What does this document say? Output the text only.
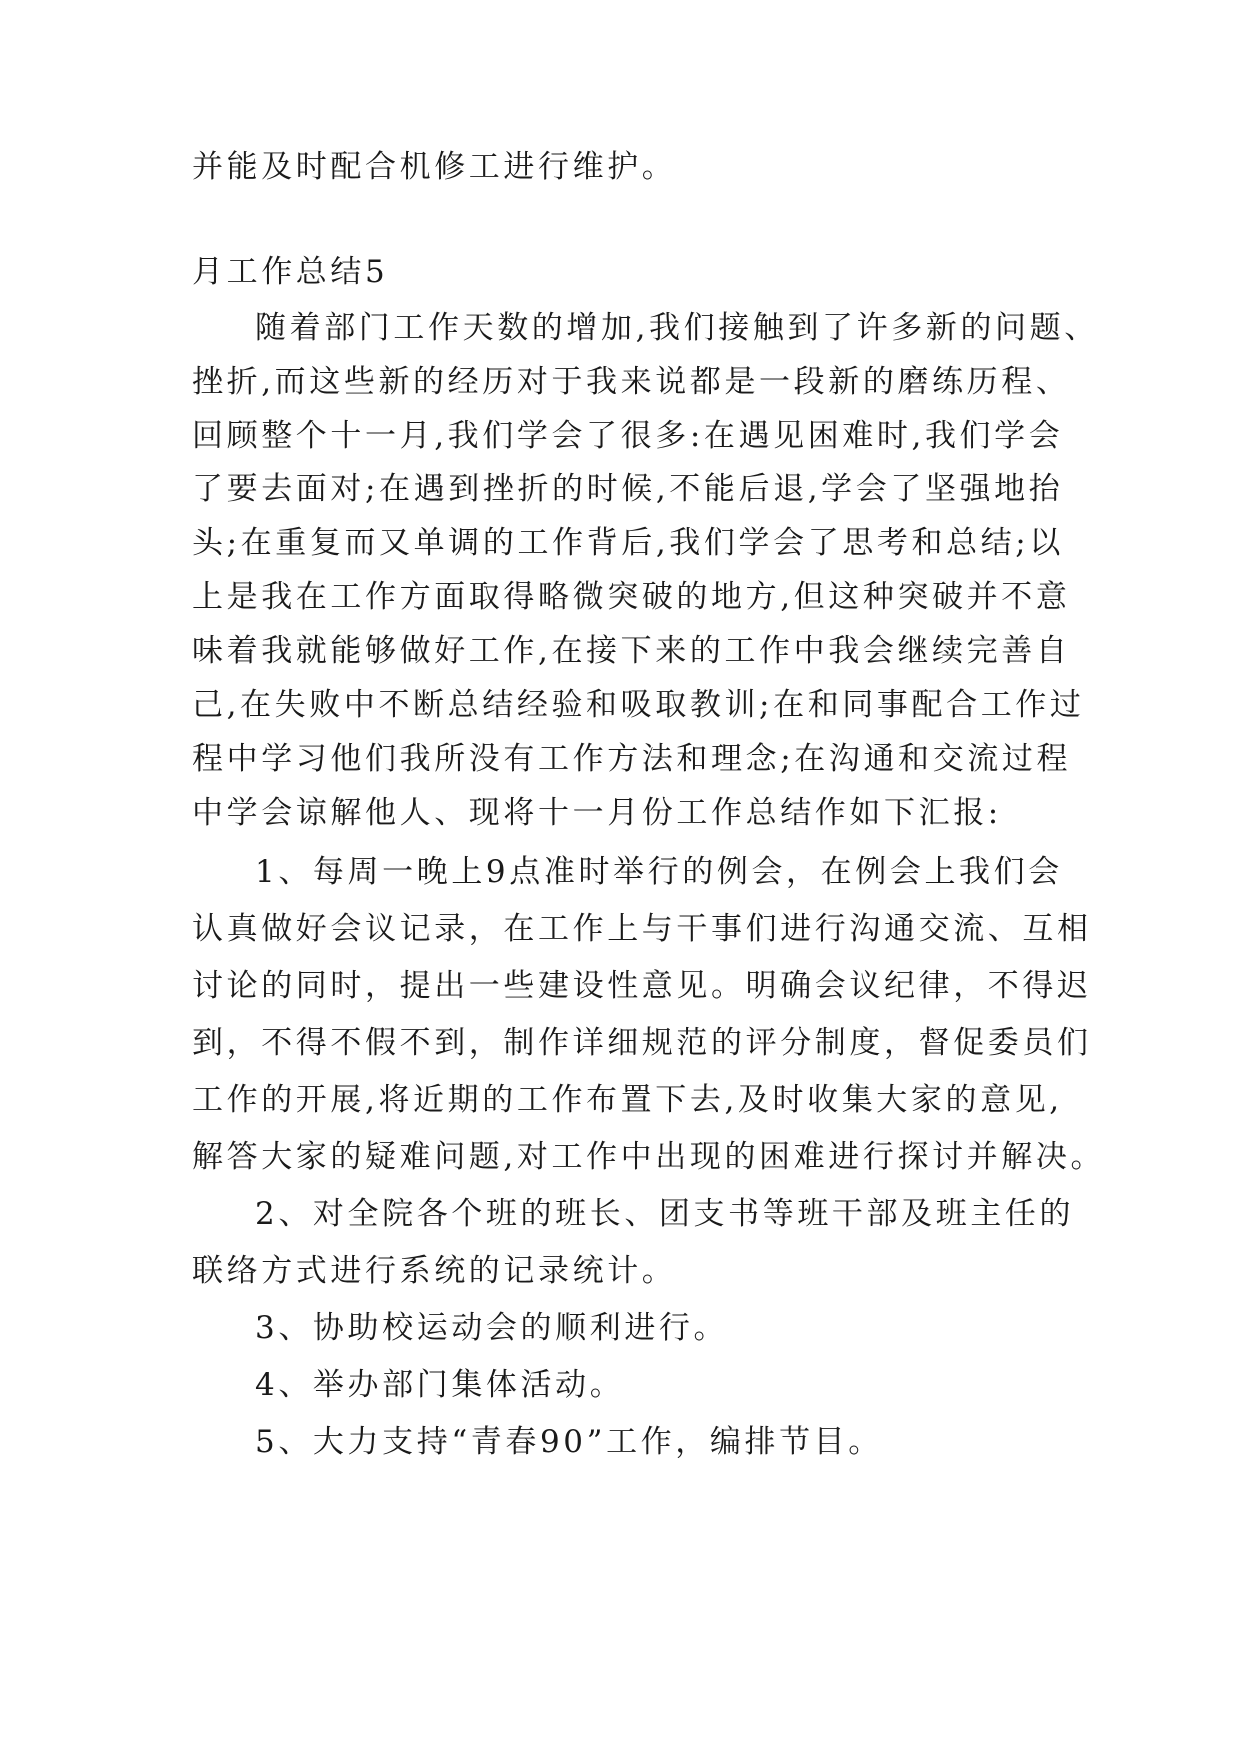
并能及时配合机修工进行维护。
月工作总结5
随着部门工作天数的增加,我们接触到了许多新的问题、
挫折,而这些新的经历对于我来说都是一段新的磨练历程、
回顾整个十一月,我们学会了很多:在遇见困难时,我们学会
了要去面对;在遇到挫折的时候,不能后退,学会了坚强地抬
头;在重复而又单调的工作背后,我们学会了思考和总结;以
上是我在工作方面取得略微突破的地方,但这种突破并不意
味着我就能够做好工作,在接下来的工作中我会继续完善自
己,在失败中不断总结经验和吸取教训;在和同事配合工作过
程中学习他们我所没有工作方法和理念;在沟通和交流过程
中学会谅解他人、现将十一月份工作总结作如下汇报:
1、每周一晚上9点准时举行的例会，在例会上我们会
认真做好会议记录，在工作上与干事们进行沟通交流、互相
讨论的同时，提出一些建设性意见。明确会议纪律，不得迟
到，不得不假不到，制作详细规范的评分制度，督促委员们
工作的开展,将近期的工作布置下去,及时收集大家的意见,
解答大家的疑难问题,对工作中出现的困难进行探讨并解决。
2、对全院各个班的班长、团支书等班干部及班主任的
联络方式进行系统的记录统计。
3、协助校运动会的顺利进行。
4、举办部门集体活动。
5、大力支持“青春90”工作，编排节目。
